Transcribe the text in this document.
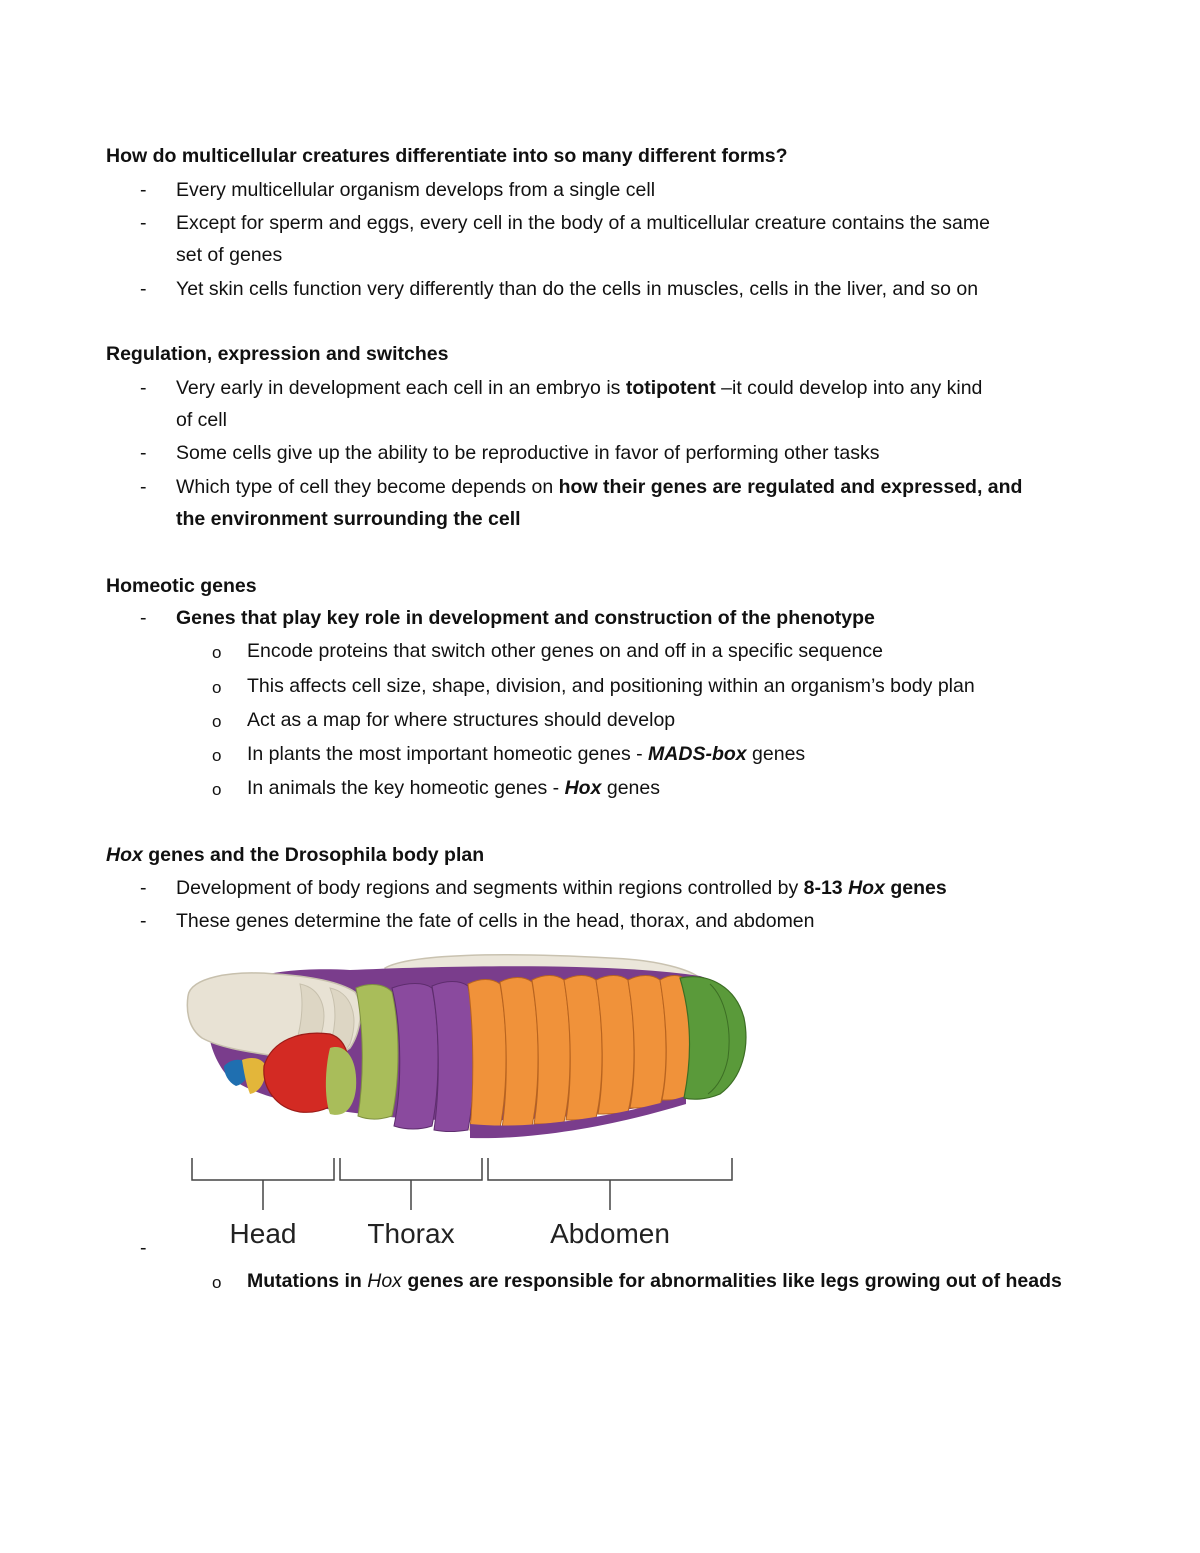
How do multicellular creatures differentiate into so many different forms?
- Every multicellular organism develops from a single cell
- Except for sperm and eggs, every cell in the body of a multicellular creature contains the same
set of genes
- Yet skin cells function very differently than do the cells in muscles, cells in the liver, and so on
Regulation, expression and switches
- Very early in development each cell in an embryo is totipotent –it could develop into any kind
of cell
- Some cells give up the ability to be reproductive in favor of performing other tasks
- Which type of cell they become depends on how their genes are regulated and expressed, and
the environment surrounding the cell
Homeotic genes
- Genes that play key role in development and construction of the phenotype
o Encode proteins that switch other genes on and off in a specific sequence
o This affects cell size, shape, division, and positioning within an organism’s body plan
o Act as a map for where structures should develop
o In plants the most important homeotic genes - MADS-box genes
o In animals the key homeotic genes - Hox genes
Hox genes and the Drosophila body plan
- Development of body regions and segments within regions controlled by 8-13 Hox genes
- These genes determine the fate of cells in the head, thorax, and abdomen
Head	Thorax	Abdomen
-
o Mutations in Hox genes are responsible for abnormalities like legs growing out of heads
